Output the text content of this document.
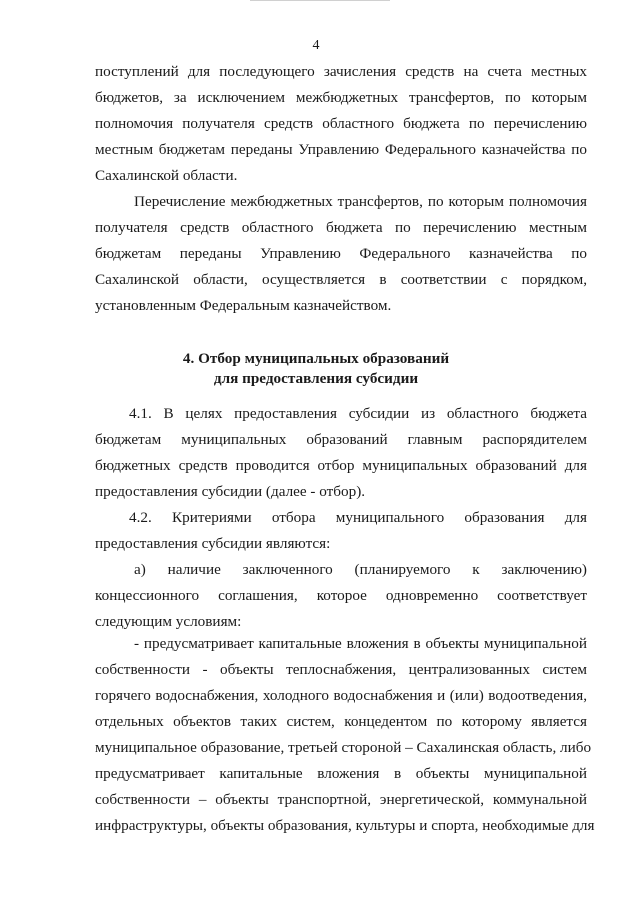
4
поступлений для последующего зачисления средств на счета местных
бюджетов, за исключением межбюджетных трансфертов, по которым
полномочия получателя средств областного бюджета по перечислению
местным бюджетам переданы Управлению Федерального казначейства по
Сахалинской области.
Перечисление межбюджетных трансфертов, по которым полномочия
получателя средств областного бюджета по перечислению местным
бюджетам переданы Управлению Федерального казначейства по
Сахалинской области, осуществляется в соответствии с порядком,
установленным Федеральным казначейством.
4. Отбор муниципальных образований
для предоставления субсидии
4.1. В целях предоставления субсидии из областного бюджета
бюджетам муниципальных образований главным распорядителем
бюджетных средств проводится отбор муниципальных образований для
предоставления субсидии (далее - отбор).
4.2. Критериями отбора муниципального образования для
предоставления субсидии являются:
а) наличие заключенного (планируемого к заключению)
концессионного соглашения, которое одновременно соответствует
следующим условиям:
- предусматривает капитальные вложения в объекты муниципальной
собственности - объекты теплоснабжения, централизованных систем
горячего водоснабжения, холодного водоснабжения и (или) водоотведения,
отдельных объектов таких систем, концедентом по которому является
муниципальное образование, третьей стороной – Сахалинская область, либо
предусматривает капитальные вложения в объекты муниципальной
собственности – объекты транспортной, энергетической, коммунальной
инфраструктуры, объекты образования, культуры и спорта, необходимые для
